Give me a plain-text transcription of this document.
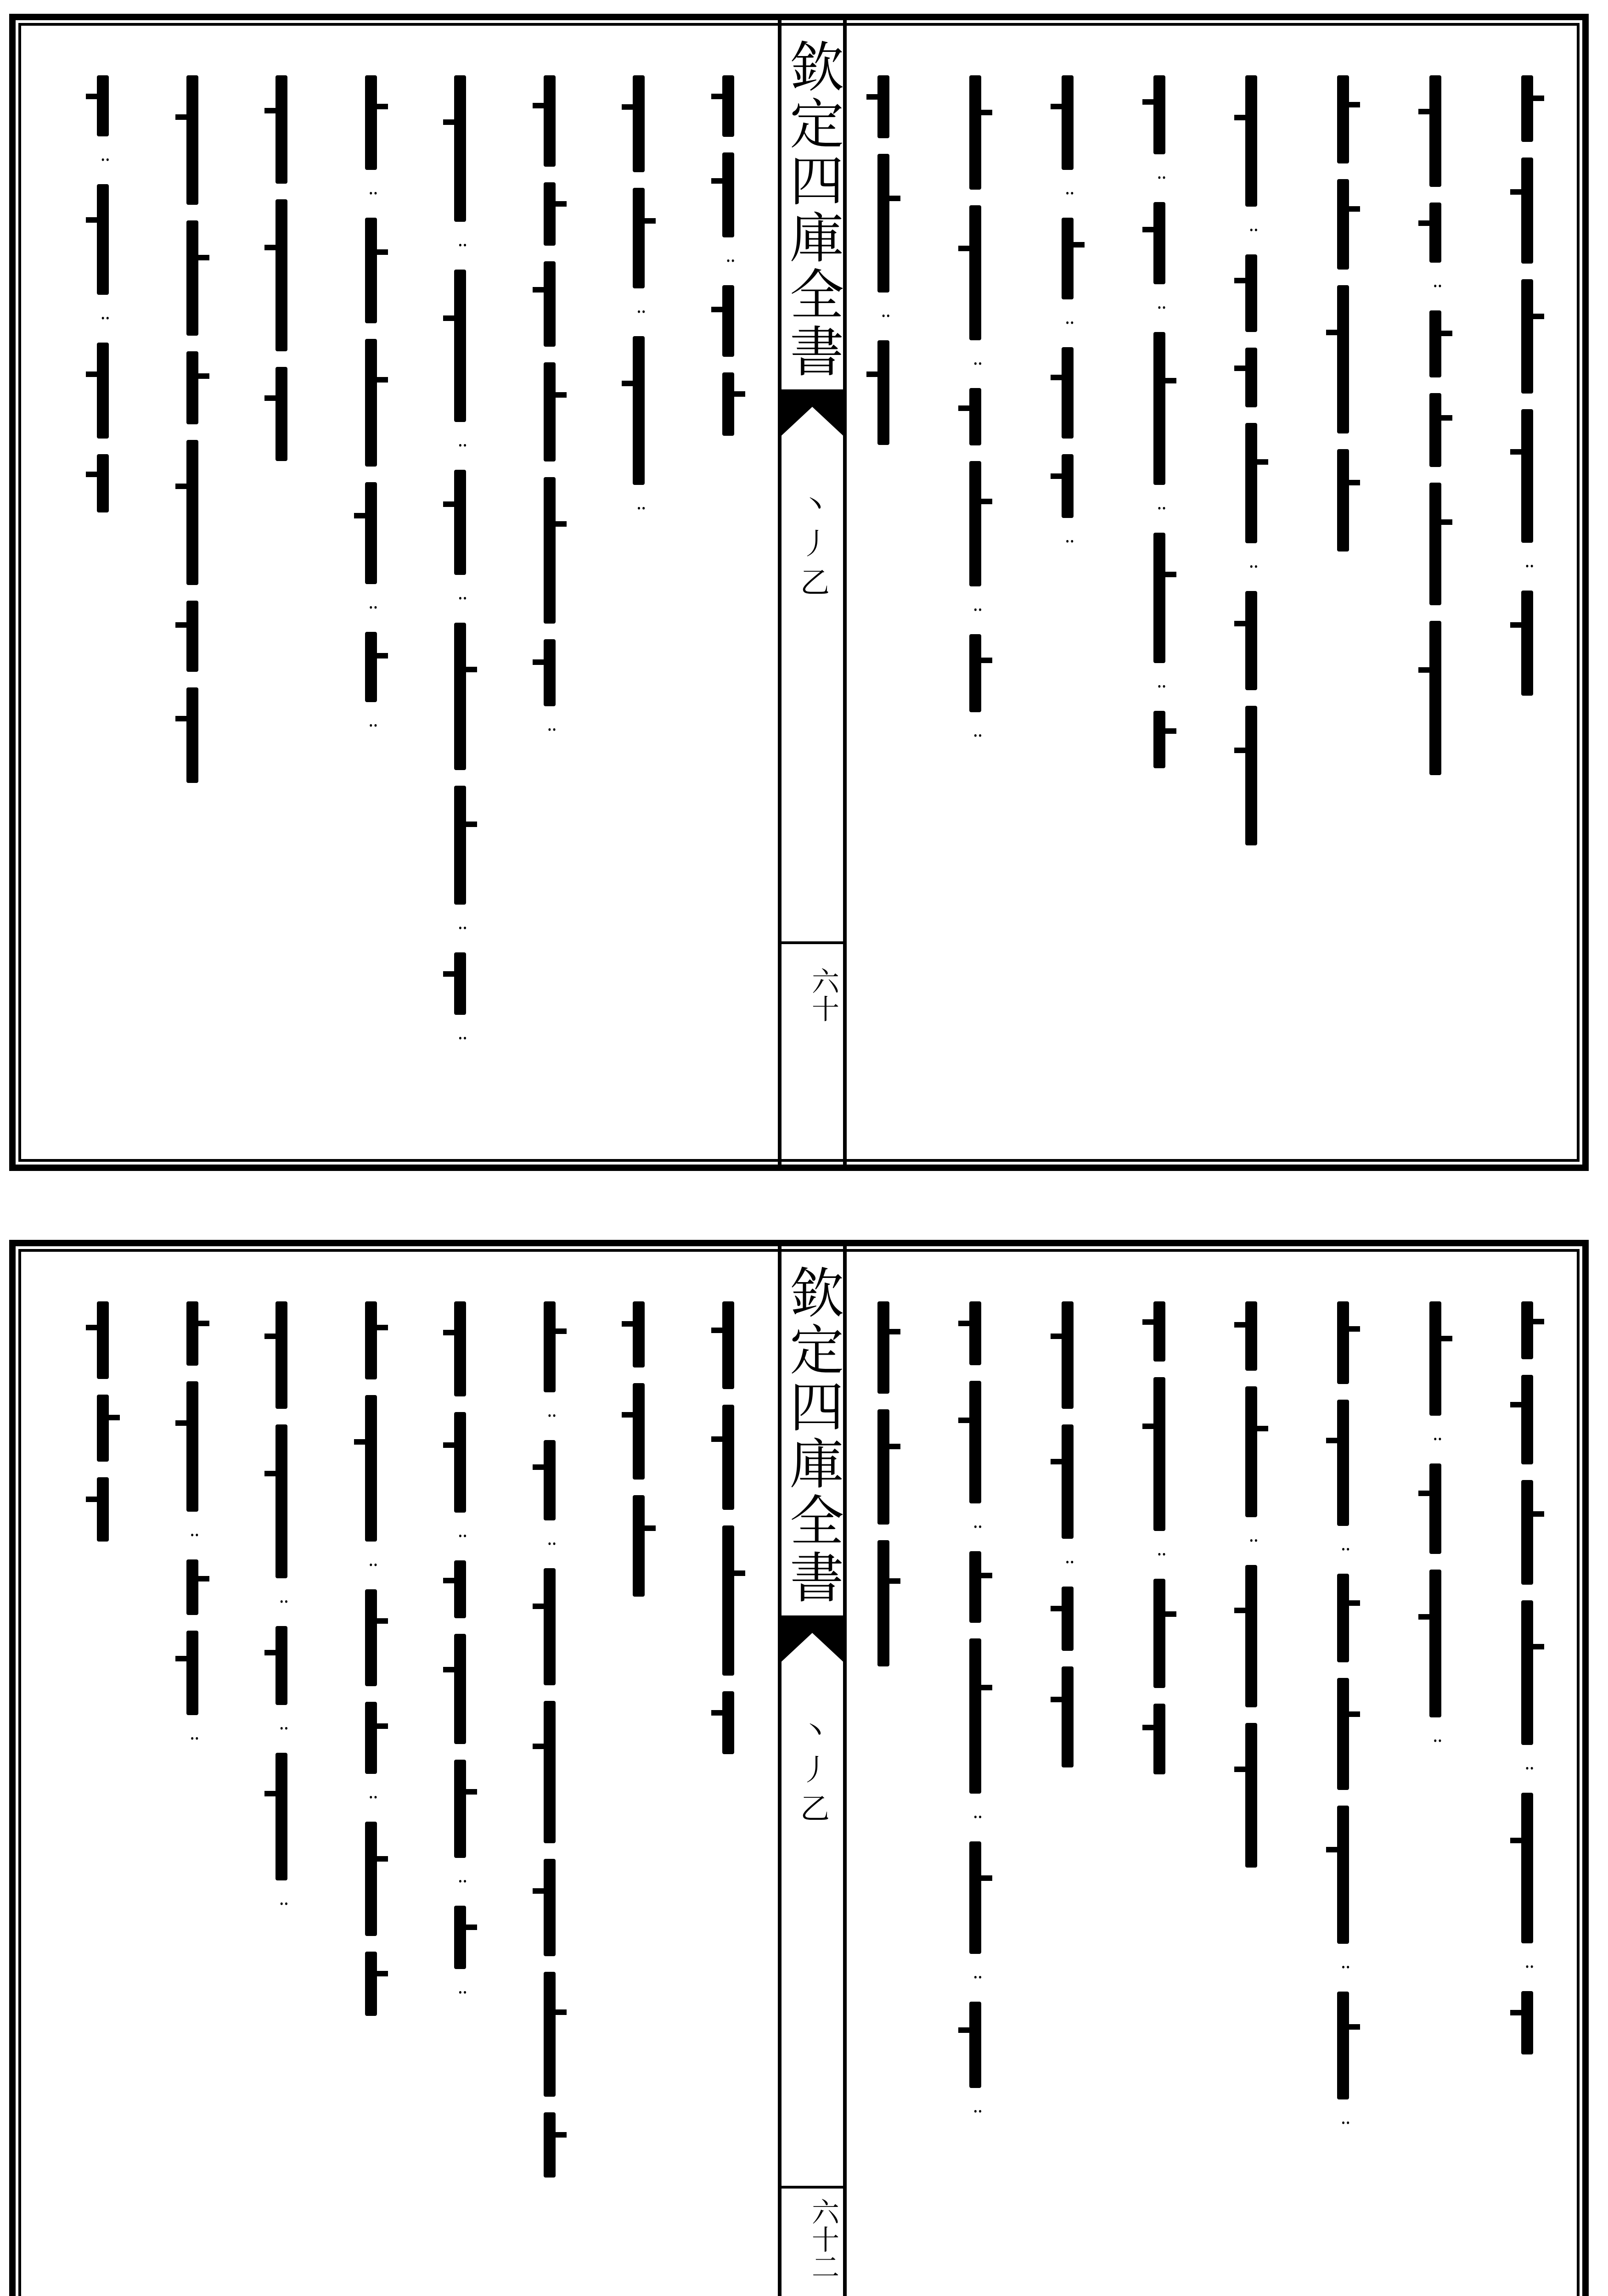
欽定四庫全書
⼂ ⼃ ⼄
六十
᠃
᠃
᠃
᠃
᠃
᠃
᠃
᠃
᠃
᠃
᠃
᠃
᠃
᠃
᠃
᠃
᠃
᠃
᠃
᠃
᠃
᠃
᠃
᠃
᠃
᠃
᠃
᠃
᠃
欽定四庫全書
⼂ ⼃ ⼄
六十二
᠃
᠃
᠃
᠃
᠃
᠃
᠃
᠃
᠃
᠃
᠃
᠃
᠃
᠃
᠃
᠃
᠃
᠃
᠃
᠃
᠃
᠃
᠃
᠃
᠃
᠃
